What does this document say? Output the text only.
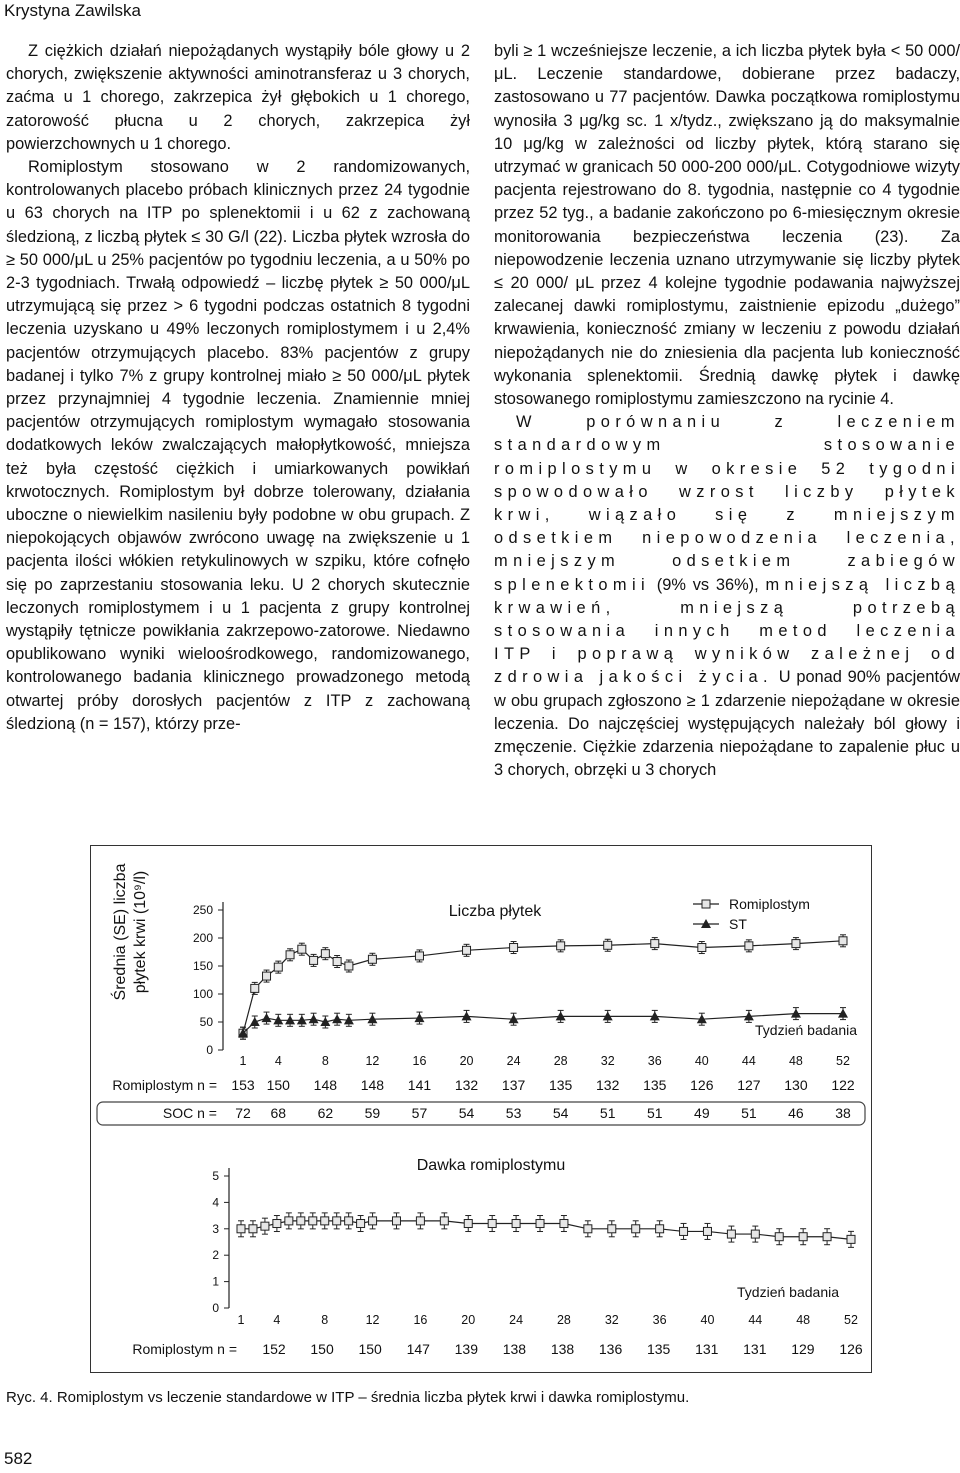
Krystyna Zawilska

Z ciężkich działań niepożądanych wystąpiły bóle głowy u 2 chorych, zwiększenie aktywności aminotransferaz u 3 chorych, zaćma u 1 chorego, zakrzepica żył głębokich u 1 chorego, zatorowość płucna u 2 chorych, zakrzepica żył powierzchownych u 1 chorego.

Romiplostym stosowano w 2 randomizowanych, kontrolowanych placebo próbach klinicznych przez 24 tygodnie u 63 chorych na ITP po splenektomii i u 62 z zachowaną śledzioną, z liczbą płytek ≤ 30 G/l (22). Liczba płytek wzrosła do ≥ 50 000/μL u 25% pacjentów po tygodniu leczenia, a u 50% po 2-3 tygodniach. Trwałą odpowiedź – liczbę płytek ≥ 50 000/μL utrzymującą się przez > 6 tygodni podczas ostatnich 8 tygodni leczenia uzyskano u 49% leczonych romiplostymem i u 2,4% pacjentów otrzymujących placebo. 83% pacjentów z grupy badanej i tylko 7% z grupy kontrolnej miało ≥ 50 000/μL płytek przez przynajmniej 4 tygodnie leczenia. Znamiennie mniej pacjentów otrzymujących romiplostym wymagało stosowania dodatkowych leków zwalczających małopłytkowość, mniejsza też była częstość ciężkich i umiarkowanych powikłań krwotocznych. Romiplostym był dobrze tolerowany, działania uboczne o niewielkim nasileniu były podobne w obu grupach. Z niepokojących objawów zwrócono uwagę na zwiększenie u 1 pacjenta ilości włókien retykulinowych w szpiku, które cofnęło się po zaprzestaniu stosowania leku. U 2 chorych skutecznie leczonych romiplostymem i u 1 pacjenta z grupy kontrolnej wystąpiły tętnicze powikłania zakrzepowo-zatorowe. Niedawno opublikowano wyniki wieloośrodkowego, randomizowanego, kontrolowanego badania klinicznego prowadzonego metodą otwartej próby dorosłych pacjentów z ITP z zachowaną śledzioną (n = 157), którzy prze-

byli ≥ 1 wcześniejsze leczenie, a ich liczba płytek była < 50 000/μL. Leczenie standardowe, dobierane przez badaczy, zastosowano u 77 pacjentów. Dawka początkowa romiplostymu wynosiła 3 μg/kg sc. 1 x/tydz., zwiększano ją do maksymalnie 10 μg/kg w zależności od liczby płytek, którą starano się utrzymać w granicach 50 000-200 000/μL. Cotygodniowe wizyty pacjenta rejestrowano do 8. tygodnia, następnie co 4 tygodnie przez 52 tyg., a badanie zakończono po 6-miesięcznym okresie monitorowania bezpieczeństwa leczenia (23). Za niepowodzenie leczenia uznano utrzymywanie się liczby płytek ≤ 20 000/ μL przez 4 kolejne tygodnie podawania najwyższej zalecanej dawki romiplostymu, zaistnienie epizodu „dużego” krwawienia, konieczność zmiany w leczeniu z powodu działań niepożądanych nie do zniesienia dla pacjenta lub konieczność wykonania splenektomii. Średnią dawkę płytek i dawkę stosowanego romiplostymu zamieszczono na rycinie 4.

W porównaniu z leczeniem standardowym stosowanie romiplostymu w okresie 52 tygodni spowodowało wzrost liczby płytek krwi, wiązało się z mniejszym odsetkiem niepowodzenia leczenia, mniejszym odsetkiem zabiegów splenektomii (9% vs 36%), mniejszą liczbą krwawień, mniejszą potrzebą stosowania innych metod leczenia ITP i poprawą wyników zależnej od zdrowia jakości życia. U ponad 90% pacjentów w obu grupach zgłoszono ≥ 1 zdarzenie niepożądane w okresie leczenia. Do najczęściej występujących należały ból głowy i zmęczenie. Ciężkie zdarzenia niepożądane to zapalenie płuc u 3 chorych, obrzęki u 3 chorych

0
50
100
150
200
250
1 4	8	12	16	20	24	28	32	36	40	44	48	52
Liczba płytek
Tydzień badania
Średnia (SE) liczba płytek krwi (10⁹/l)	Romiplostym
ST
Romiplostym n = 153 150 148 148 141 132 137 135 132 135 126 127 130 122
SOC n = 72 68 62 59 57 54 53 54 51 51 49 51 46 38
0
1
2
3
4
5
1 4	8	12	16	20	24	28	32	36	40	44	48	52
Dawka romiplostymu
Tydzień badania
Romiplostym n = 152 150 150 147 139 138 138 136 135 131 131 129 126
Ryc. 4. Romiplostym vs leczenie standardowe w ITP – średnia liczba płytek krwi i dawka romiplostymu.
582
